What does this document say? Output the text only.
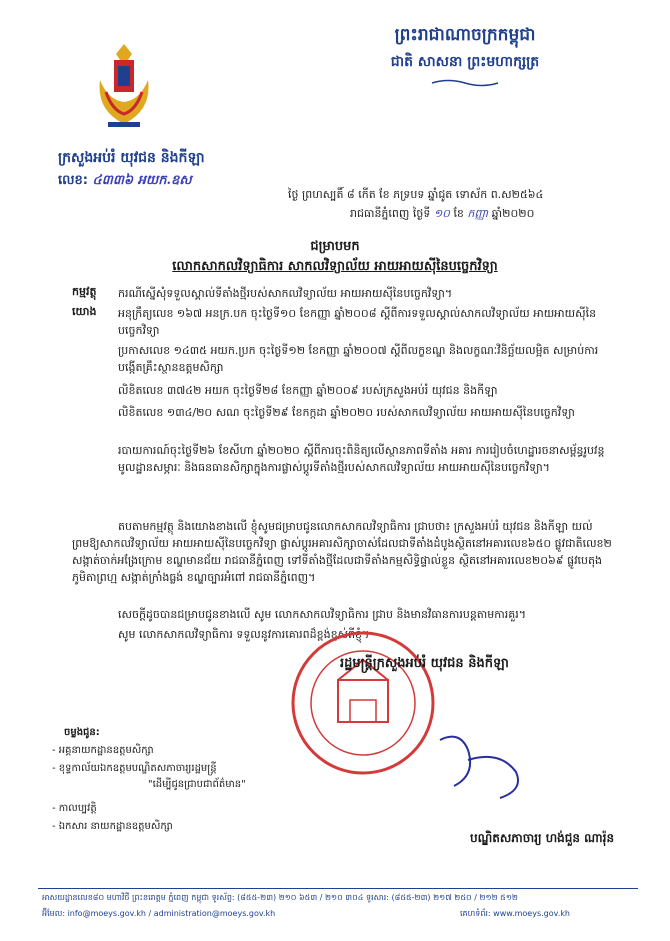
ព្រះរាជាណាចក្រកម្ពុជា
ជាតិ សាសនា ព្រះមហាក្សត្រ
ក្រសួងអប់រំ យុវជន និងកីឡា
លេខ: ៤៣៣៦ អយក.ឧស
ថ្ងៃ ព្រហស្បតិ៍ ៨ កើត ខែ ភទ្របទ ឆ្នាំជូត ទោស័ក ព.ស២៥៦៤
រាជធានីភ្នំពេញ ថ្ងៃទី ១០ ខែ កញ្ញា ឆ្នាំ២០២០
ជម្រាបមក
លោកសាកលវិទ្យាធិការ សាកលវិទ្យាល័យ អាយអាយស៊ីនៃបច្ចេកវិទ្យា
កម្មវត្ថុ ករណីស្នើសុំទទួលស្គាល់ទីតាំងថ្មីរបស់សាកលវិទ្យាល័យ អាយអាយស៊ីនៃបច្ចេកវិទ្យា។
យោង អនុក្រឹត្យលេខ ១៦៧ អនក្រ.បក ចុះថ្ងៃទី១០ ខែកញ្ញា ឆ្នាំ២០០៨ ស្តីពីការទទួលស្គាល់សាកលវិទ្យាល័យ អាយអាយស៊ីនៃបច្ចេកវិទ្យា
ប្រកាសលេខ ១៤៣៥ អយក.ប្រក ចុះថ្ងៃទី១២ ខែកញ្ញា ឆ្នាំ២០០៧ ស្តីពីលក្ខខណ្ឌ និងលក្ខណៈវិនិច្ឆ័យលម្អិត សម្រាប់ការបង្កើតគ្រឹះស្ថានឧត្តមសិក្សា
លិខិតលេខ ៣៧៤២ អយក ចុះថ្ងៃទី២៨ ខែកញ្ញា ឆ្នាំ២០០៩ របស់ក្រសួងអប់រំ យុវជន និងកីឡា
លិខិតលេខ ១៣៤/២០ សណ ចុះថ្ងៃទី២៩ ខែកក្កដា ឆ្នាំ២០២០ របស់សាកលវិទ្យាល័យ អាយអាយស៊ីនៃបច្ចេកវិទ្យា
របាយការណ៍ចុះថ្ងៃទី២៦ ខែសីហា ឆ្នាំ២០២០ ស្តីពីការចុះពិនិត្យលើស្ថានភាពទីតាំង អគារ ការរៀបចំហេដ្ឋារចនាសម្ព័ន្ធរូបវន្ត មូលដ្ឋានសម្ភារៈ និងធនធានសិក្សាក្នុងការផ្លាស់ប្តូរទីតាំងថ្មីរបស់សាកលវិទ្យាល័យ អាយអាយស៊ីនៃបច្ចេកវិទ្យា។
តបតាមកម្មវត្ថុ និងយោងខាងលើ ខ្ញុំសូមជម្រាបជូនលោកសាកលវិទ្យាធិការ ជ្រាបថា៖ ក្រសួងអប់រំ យុវជន និងកីឡា យល់ព្រមឱ្យសាកលវិទ្យាល័យ អាយអាយស៊ីនៃបច្ចេកវិទ្យា ផ្លាស់ប្តូរអគារសិក្សាចាស់ដែលជាទីតាំងដំបូងស្ថិតនៅអគារលេខ៦៥០ ផ្លូវជាតិលេខ២ សង្កាត់ចាក់អង្រែក្រោម ខណ្ឌមានជ័យ រាជធានីភ្នំពេញ ទៅទីតាំងថ្មីដែលជាទីតាំងកម្មសិទ្ធិផ្ទាល់ខ្លួន ស្ថិតនៅអគារលេខ២០៦៩ ផ្លូវបេតុង ភូមិតាព្រហ្ម សង្កាត់ក្រាំងធ្លង់ ខណ្ឌច្បារអំពៅ រាជធានីភ្នំពេញ។
សេចក្តីដូចបានជម្រាបជូនខាងលើ សូម លោកសាកលវិទ្យាធិការ ជ្រាប និងមានវិធានការបន្តតាមការគួរ។
សូម លោកសាកលវិទ្យាធិការ ទទួលនូវការគោរពដ៏ខ្ពង់ខ្ពស់ពីខ្ញុំ។
រដ្ឋមន្ត្រីក្រសួងអប់រំ យុវជន និងកីឡា
បណ្ឌិតសភាចារ្យ ហង់ជួន ណារ៉ុន
ចម្លងជូន:
- អគ្គនាយកដ្ឋានឧត្តមសិក្សា
- ខុទ្ទកាល័យឯកឧត្តមបណ្ឌិតសភាចារ្យរដ្ឋមន្ត្រី
"ដើម្បីជូនជ្រាបជាព័ត៌មាន"
- កាលប្បវត្តិ
- ឯកសារ នាយកដ្ឋានឧត្តមសិក្សា
អាសយដ្ឋានលេខ៨០ មហាវិថី ព្រះនរោត្តម ភ្នំពេញ កម្ពុជា ទូរស័ព្ទ: (៨៥៥-២៣) ២១០ ៦៥៣ / ២១០ ៣០៤ ទូរសារ: (៨៥៥-២៣) ២១៧ ២៥០ / ២១២ ៥១២
អ៊ីមែល: info@moeys.gov.kh / administration@moeys.gov.kh	គេហទំព័រ: www.moeys.gov.kh
